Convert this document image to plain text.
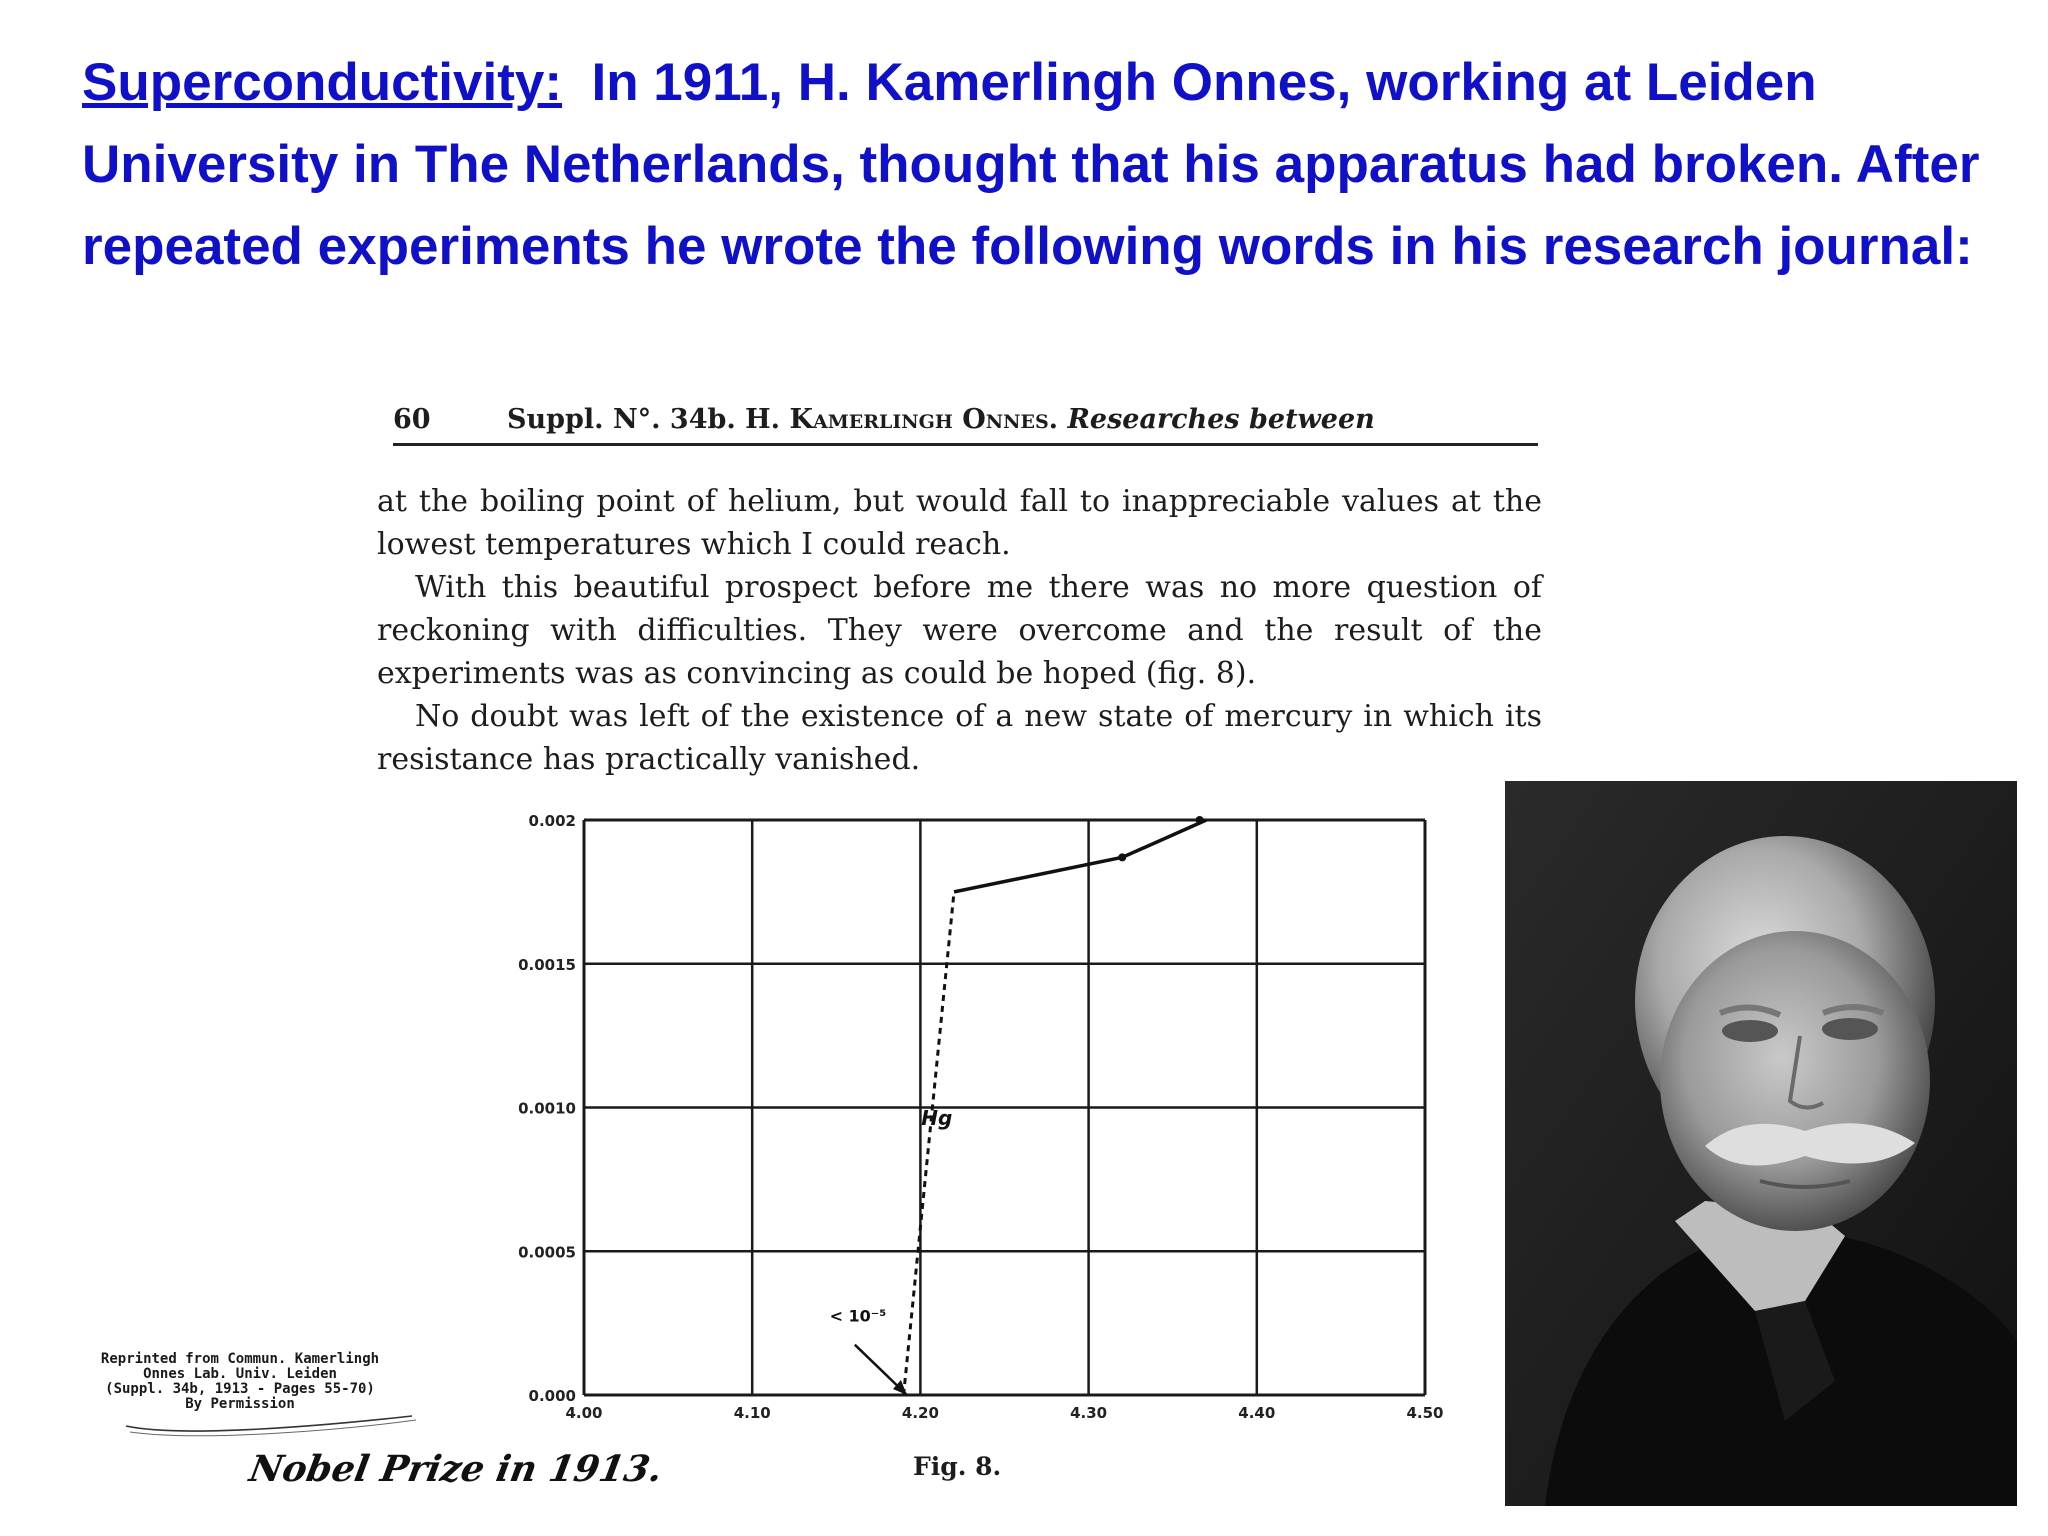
Superconductivity: In 1911, H. Kamerlingh Onnes, working at Leiden University in The Netherlands, thought that his apparatus had broken. After repeated experiments he wrote the following words in his research journal:

60	Suppl. N°. 34b. H. Kamerlingh Onnes. Researches between

at the boiling point of helium, but would fall to inappreciable values at the lowest temperatures which I could reach.

With this beautiful prospect before me there was no more question of reckoning with difficulties. They were overcome and the result of the experiments was as convincing as could be hoped (fig. 8).

No doubt was left of the existence of a new state of mercury in which its resistance has practically vanished.

0.002
0.0015
0.0010
0.0005
0.000
4.00	4.10	4.20	4.30	4.40	4.50
Hg
< 10⁻⁵
Fig. 8.
Reprinted from Commun. Kamerlingh
Onnes Lab. Univ. Leiden
(Suppl. 34b, 1913 - Pages 55-70)
By Permission
Nobel Prize in 1913.
